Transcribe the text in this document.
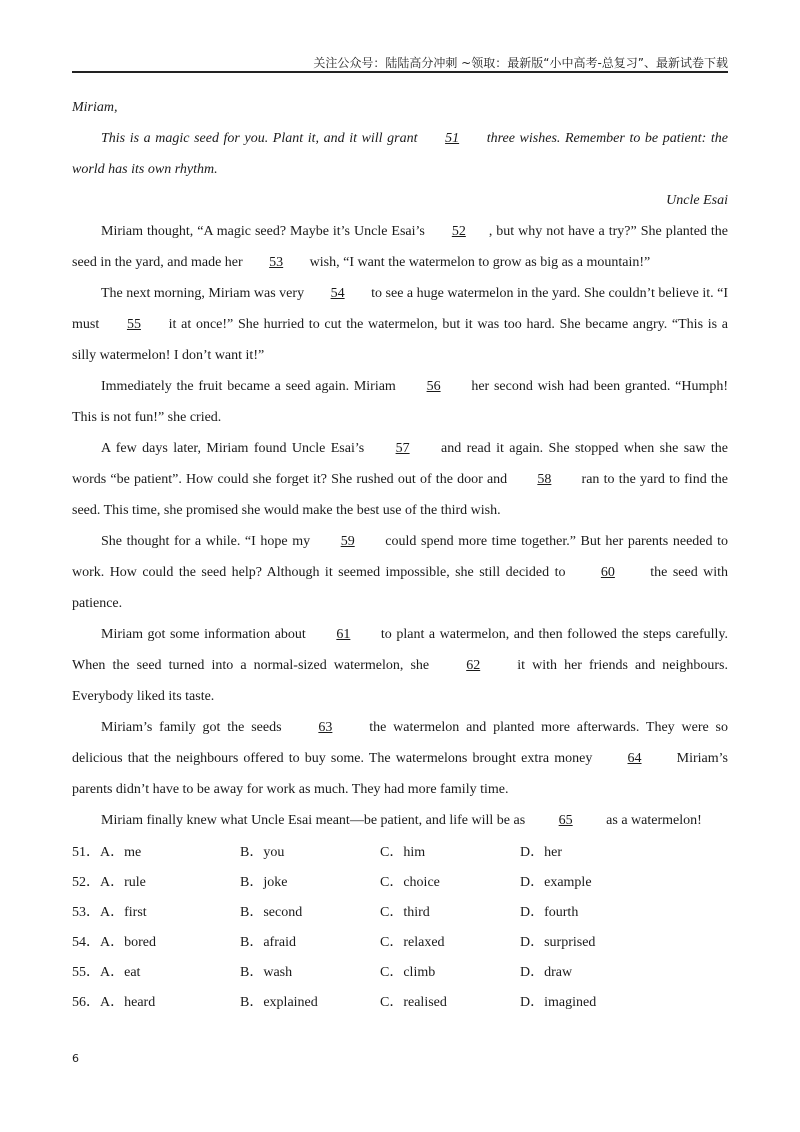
关注公众号：陆陆高分冲刺 ~领取：最新版“小中高考-总复习”、最新试卷下载

Miriam,

This is a magic seed for you. Plant it, and it will grant 51 three wishes. Remember to be patient: the world has its own rhythm.

Uncle Esai

Miriam thought, “A magic seed? Maybe it’s Uncle Esai’s 52 , but why not have a try?” She planted the seed in the yard, and made her 53 wish, “I want the watermelon to grow as big as a mountain!”

The next morning, Miriam was very 54 to see a huge watermelon in the yard. She couldn’t believe it. “I must 55 it at once!” She hurried to cut the watermelon, but it was too hard. She became angry. “This is a silly watermelon! I don’t want it!”

Immediately the fruit became a seed again. Miriam 56 her second wish had been granted. “Humph! This is not fun!” she cried.

A few days later, Miriam found Uncle Esai’s 57 and read it again. She stopped when she saw the words “be patient”. How could she forget it? She rushed out of the door and 58 ran to the yard to find the seed. This time, she promised she would make the best use of the third wish.

She thought for a while. “I hope my 59 could spend more time together.” But her parents needed to work. How could the seed help? Although it seemed impossible, she still decided to 60 the seed with patience.

Miriam got some information about 61 to plant a watermelon, and then followed the steps carefully. When the seed turned into a normal-sized watermelon, she 62 it with her friends and neighbours. Everybody liked its taste.

Miriam’s family got the seeds 63 the watermelon and planted more afterwards. They were so delicious that the neighbours offered to buy some. The watermelons brought extra money 64 Miriam’s parents didn’t have to be away for work as much. They had more family time.

Miriam finally knew what Uncle Esai meant—be patient, and life will be as 65 as a watermelon!

51． A．me	B．you	C．him	D．her
52． A．rule	B．joke	C．choice	D．example
53． A．first	B．second	C．third	D．fourth
54． A．bored	B．afraid	C．relaxed	D．surprised
55． A．eat	B．wash	C．climb	D．draw
56． A．heard	B．explained	C．realised	D．imagined
6
